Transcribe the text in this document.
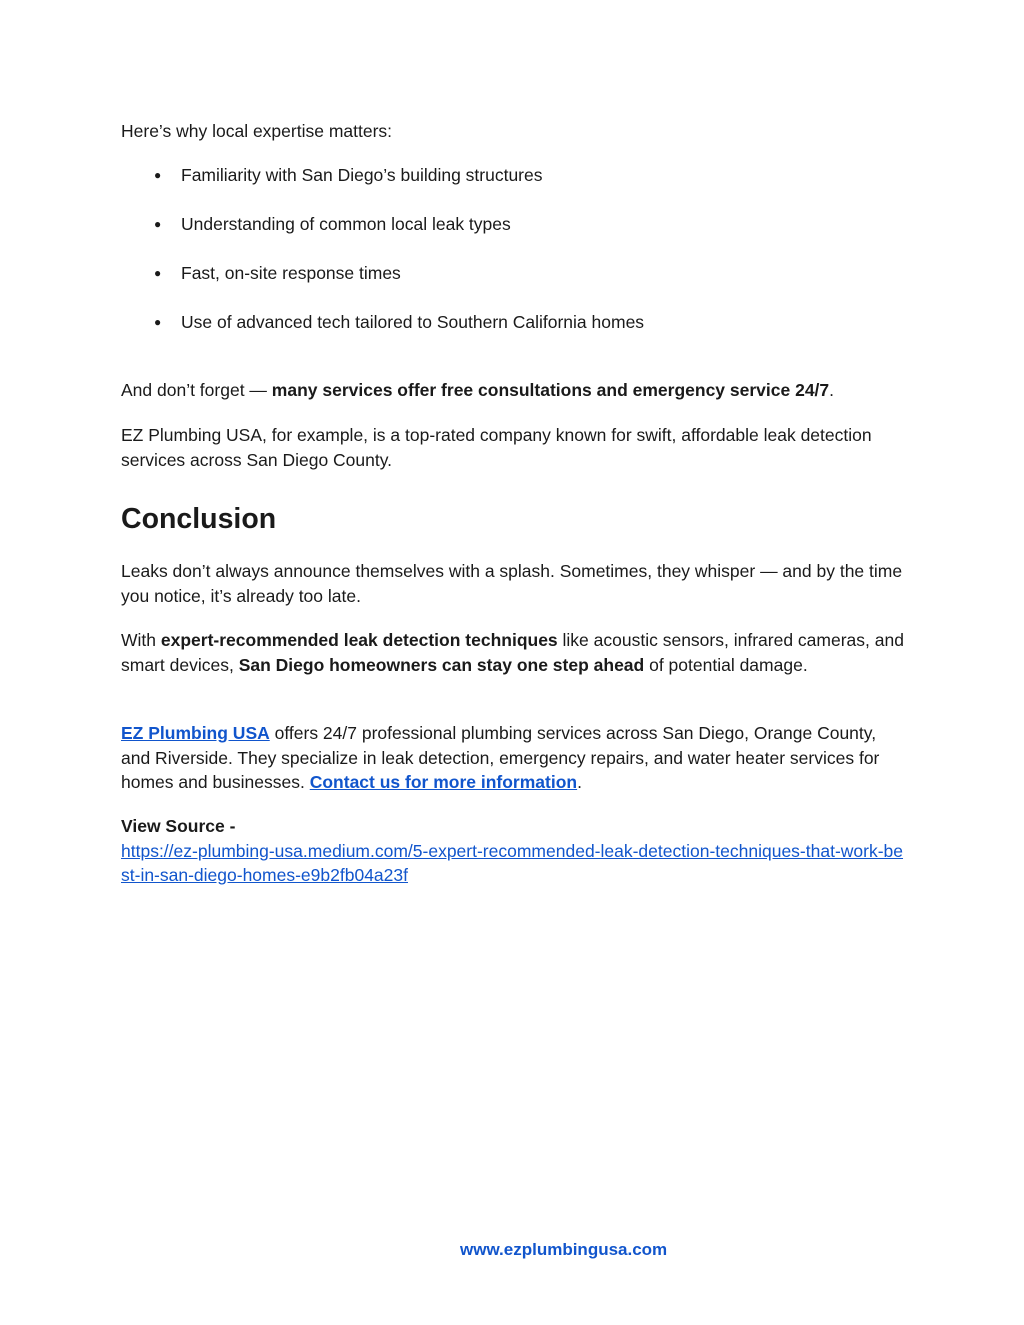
Here’s why local expertise matters:

● Familiarity with San Diego’s building structures
● Understanding of common local leak types
● Fast, on-site response times
● Use of advanced tech tailored to Southern California homes

And don’t forget — many services offer free consultations and emergency service 24/7.

EZ Plumbing USA, for example, is a top-rated company known for swift, affordable leak detection services across San Diego County.

Conclusion

Leaks don’t always announce themselves with a splash. Sometimes, they whisper — and by the time you notice, it’s already too late.

With expert-recommended leak detection techniques like acoustic sensors, infrared cameras, and smart devices, San Diego homeowners can stay one step ahead of potential damage.

EZ Plumbing USA offers 24/7 professional plumbing services across San Diego, Orange County, and Riverside. They specialize in leak detection, emergency repairs, and water heater services for homes and businesses. Contact us for more information.

View Source -
https://ez-plumbing-usa.medium.com/5-expert-recommended-leak-detection-techniques-that-work-best-in-san-diego-homes-e9b2fb04a23f

www.ezplumbingusa.com
